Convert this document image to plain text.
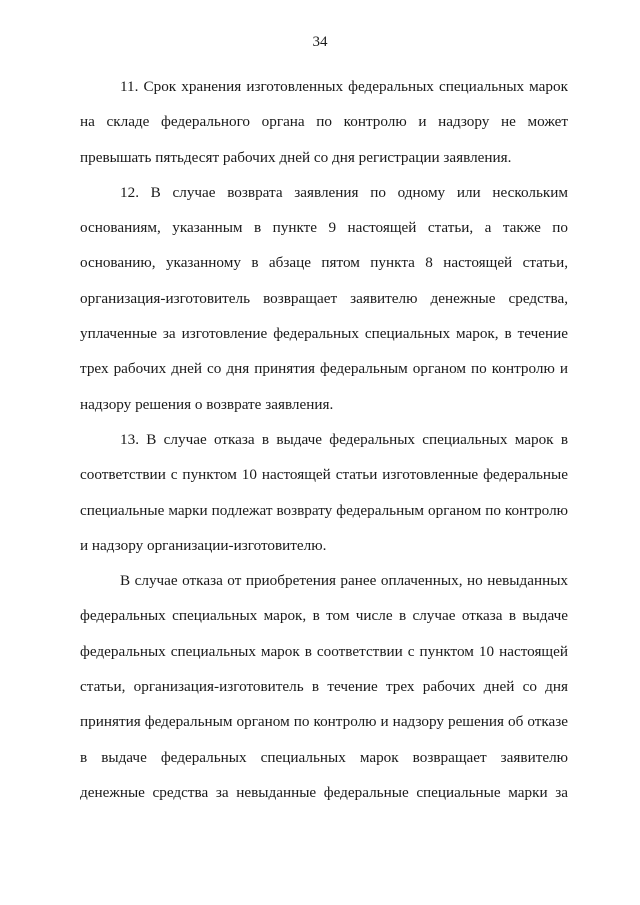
34

11. Срок хранения изготовленных федеральных специальных марок на складе федерального органа по контролю и надзору не может превышать пятьдесят рабочих дней со дня регистрации заявления.

12. В случае возврата заявления по одному или нескольким основаниям, указанным в пункте 9 настоящей статьи, а также по основанию, указанному в абзаце пятом пункта 8 настоящей статьи, организация-изготовитель возвращает заявителю денежные средства, уплаченные за изготовление федеральных специальных марок, в течение трех рабочих дней со дня принятия федеральным органом по контролю и надзору решения о возврате заявления.

13. В случае отказа в выдаче федеральных специальных марок в соответствии с пунктом 10 настоящей статьи изготовленные федеральные специальные марки подлежат возврату федеральным органом по контролю и надзору организации-изготовителю.

В случае отказа от приобретения ранее оплаченных, но невыданных федеральных специальных марок, в том числе в случае отказа в выдаче федеральных специальных марок в соответствии с пунктом 10 настоящей статьи, организация-изготовитель в течение трех рабочих дней со дня принятия федеральным органом по контролю и надзору решения об отказе в выдаче федеральных специальных марок возвращает заявителю денежные средства за невыданные федеральные специальные марки за
